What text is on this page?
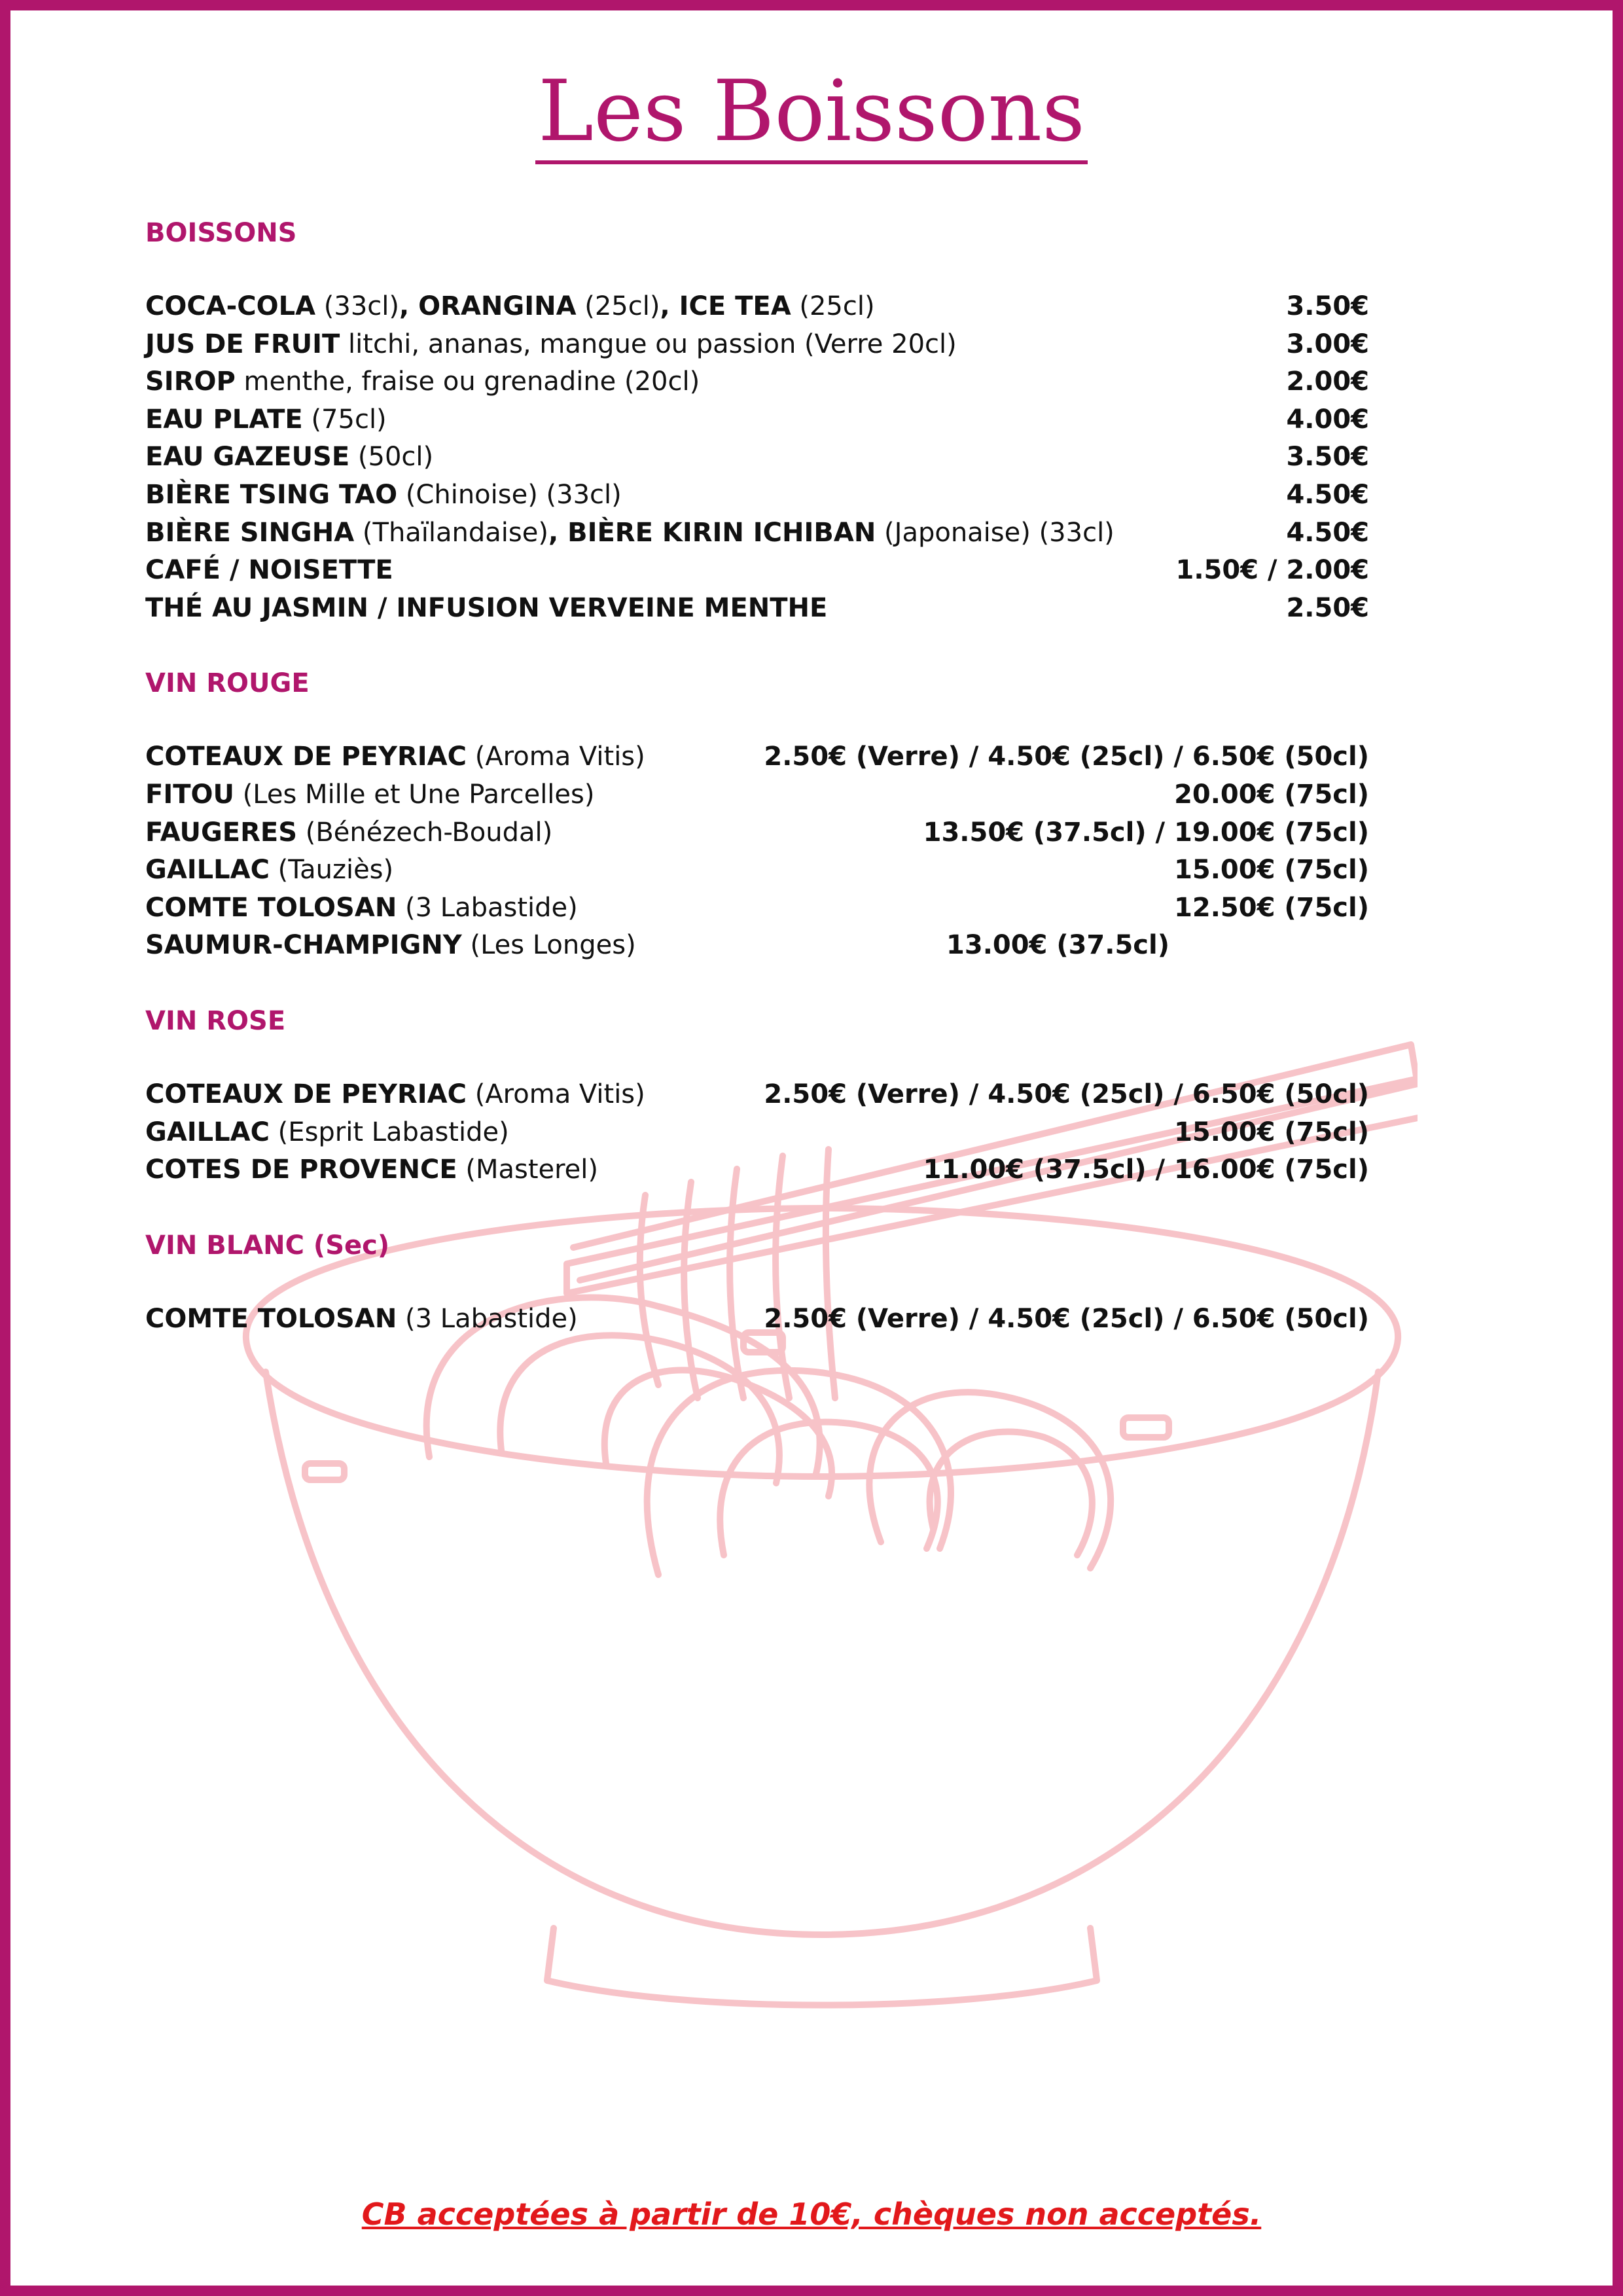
Les Boissons
BOISSONS
COCA-COLA (33cl), ORANGINA (25cl), ICE TEA (25cl)	3.50€
JUS DE FRUIT litchi, ananas, mangue ou passion (Verre 20cl)	3.00€
SIROP menthe, fraise ou grenadine (20cl)	2.00€
EAU PLATE (75cl)	4.00€
EAU GAZEUSE (50cl)	3.50€
BIÈRE TSING TAO (Chinoise) (33cl)	4.50€
BIÈRE SINGHA (Thaïlandaise), BIÈRE KIRIN ICHIBAN (Japonaise) (33cl)	4.50€
CAFÉ / NOISETTE	1.50€ / 2.00€
THÉ AU JASMIN / INFUSION VERVEINE MENTHE	2.50€
VIN ROUGE
COTEAUX DE PEYRIAC (Aroma Vitis)	2.50€ (Verre) / 4.50€ (25cl) / 6.50€ (50cl)
FITOU (Les Mille et Une Parcelles)	20.00€ (75cl)
FAUGERES (Bénézech-Boudal)	13.50€ (37.5cl) / 19.00€ (75cl)
GAILLAC (Tauziès)	15.00€ (75cl)
COMTE TOLOSAN (3 Labastide)	12.50€ (75cl)
SAUMUR-CHAMPIGNY (Les Longes)	13.00€ (37.5cl)
VIN ROSE
COTEAUX DE PEYRIAC (Aroma Vitis)	2.50€ (Verre) / 4.50€ (25cl) / 6.50€ (50cl)
GAILLAC (Esprit Labastide)	15.00€ (75cl)
COTES DE PROVENCE (Masterel)	11.00€ (37.5cl) / 16.00€ (75cl)
VIN BLANC (Sec)
COMTE TOLOSAN (3 Labastide)	2.50€ (Verre) / 4.50€ (25cl) / 6.50€ (50cl)
CB acceptées à partir de 10€, chèques non acceptés.
